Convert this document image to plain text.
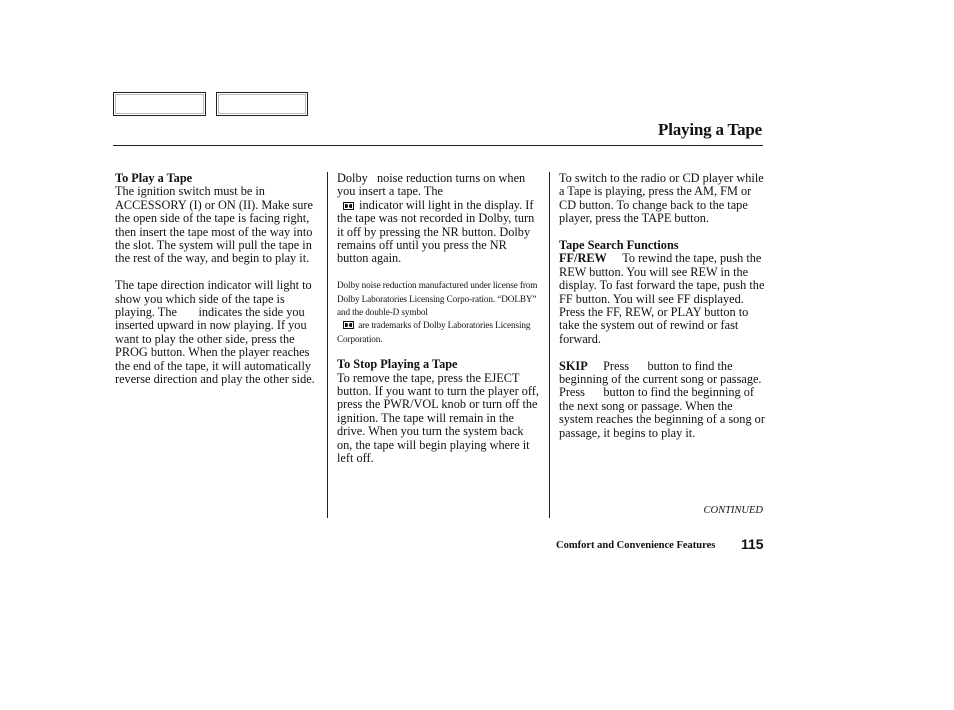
Playing a Tape

To Play a Tape

The ignition switch must be in ACCESSORY (I) or ON (II). Make sure the open side of the tape is facing right, then insert the tape most of the way into the slot. The system will pull the tape in the rest of the way, and begin to play it.

The tape direction indicator will light to show you which side of the tape is playing. The       indicates the side you inserted upward in now playing. If you want to play the other side, press the PROG button. When the player reaches the end of the tape, it will automatically reverse direction and play the other side.

Dolby   noise reduction turns on when you insert a tape. The
indicator will light in the display. If the tape was not recorded in Dolby, turn it off by pressing the NR button. Dolby remains off until you press the NR button again.

Dolby noise reduction manufactured under license from Dolby Laboratories Licensing Corpo-ration. “DOLBY” and the double-D symbol
are trademarks of Dolby Laboratories Licensing Corporation.

To Stop Playing a Tape

To remove the tape, press the EJECT button. If you want to turn the player off, press the PWR/VOL knob or turn off the ignition. The tape will remain in the drive. When you turn the system back on, the tape will begin playing where it left off.

To switch to the radio or CD player while a Tape is playing, press the AM, FM or CD button. To change back to the tape player, press the TAPE button.

Tape Search Functions

FF/REW     To rewind the tape, push the REW button. You will see REW in the display. To fast forward the tape, push the FF button. You will see FF displayed. Press the FF, REW, or PLAY button to take the system out of rewind or fast forward.

SKIP     Press      button to find the beginning of the current song or passage. Press      button to find the beginning of the next song or passage. When the system reaches the beginning of a song or passage, it begins to play it.

CONTINUED
Comfort and Convenience Features 115
